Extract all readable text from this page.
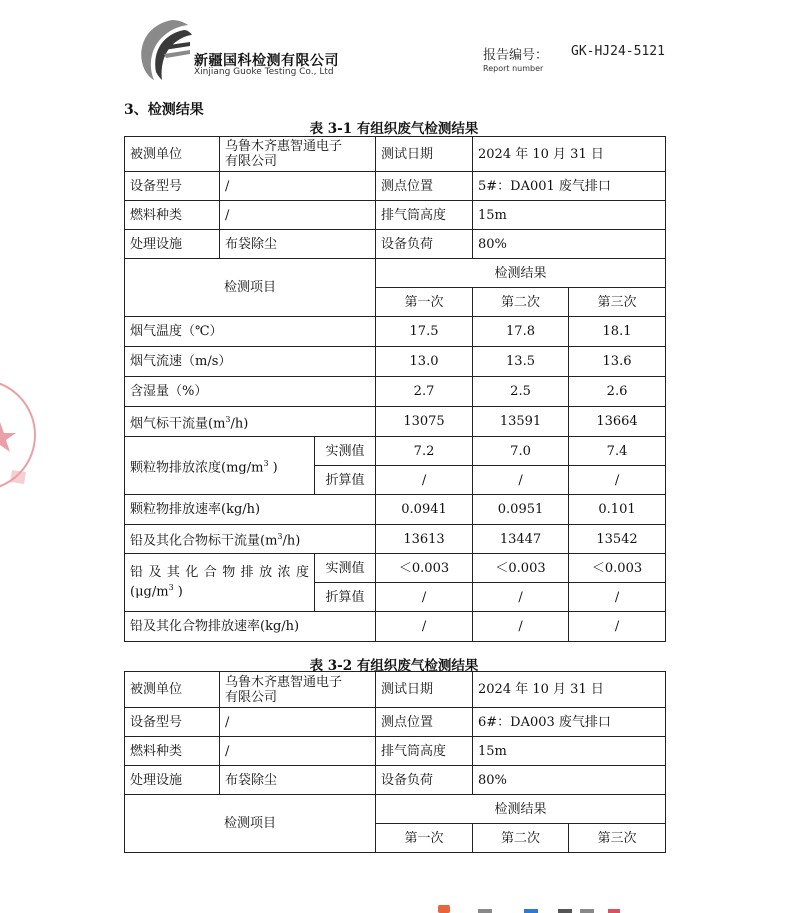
新疆国科检测有限公司
Xinjiang Guoke Testing Co., Ltd
报告编号：
Report number
GK-HJ24-5121
3、检测结果
表 3-1 有组织废气检测结果
被测单位	乌鲁木齐惠智通电子
有限公司		测试日期	2024 年 10 月 31 日	
设备型号	/		测点位置	5#：DA001 废气排口	
燃料种类	/		排气筒高度	15m	
处理设施	布袋除尘		设备负荷	80%	
检测项目			检测结果		
			第一次	第二次	第三次
烟气温度（℃）			17.5	17.8	18.1
烟气流速（m/s）			13.0	13.5	13.6
含湿量（%）			2.7	2.5	2.6
烟气标干流量$(m^3/h)$			13075	13591	13664
颗粒物排放浓度($mg/m^3$ )		实测值	7.2	7.0	7.4
		折算值	/	/	/
颗粒物排放速率(kg/h)			0.0941	0.0951	0.101
铅及其化合物标干流量$(m^3/h)$			13613	13447	13542

铅及其化合物排放浓度
($\mu g/m^3$ )		实测值	＜0.003	＜0.003	＜0.003
		折算值	/	/	/
铅及其化合物排放速率(kg/h)			/	/	/
表 3-2 有组织废气检测结果
被测单位	乌鲁木齐惠智通电子
有限公司	测试日期	2024 年 10 月 31 日	
设备型号	/	测点位置	6#：DA003 废气排口	
燃料种类	/	排气筒高度	15m	
处理设施	布袋除尘	设备负荷	80%	
检测项目		检测结果		
		第一次	第二次	第三次
